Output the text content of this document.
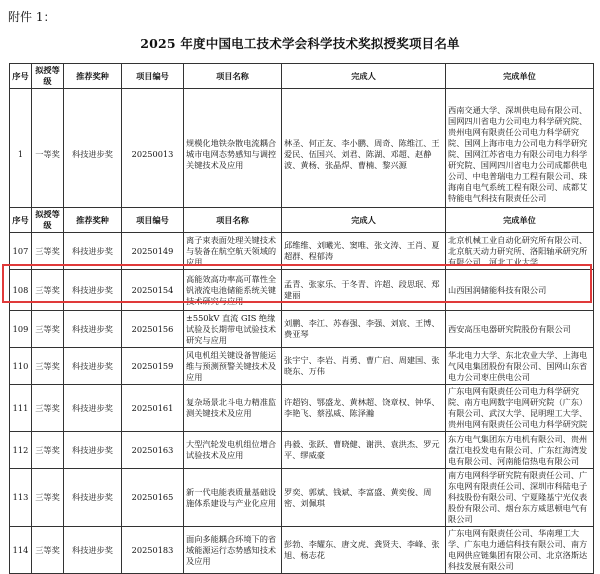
附件 1：
2025 年度中国电工技术学会科学技术奖拟授奖项目名单
序号	拟授等级	推荐奖种	项目编号	项目名称	完成人	完成单位
1	一等奖	科技进步奖	20250013	规模化地铁杂散电流耦合城市电网态势感知与调控关键技术及应用	林圣、何正友、李小鹏、周奇、陈维江、王爱民、伍国兴、刘君、陈湖、邓超、赵静波、黄杨、张晶焊、曹楠、黎兴源	西南交通大学、深圳供电局有限公司、国网四川省电力公司电力科学研究院、贵州电网有限责任公司电力科学研究院、国网上海市电力公司电力科学研究院、国网江苏省电力有限公司电力科学研究院、国网四川省电力公司成都供电公司、中电普瑞电力工程有限公司、珠海南自电气系统工程有限公司、成都艾特能电气科技有限责任公司
序号	拟授等级	推荐奖种	项目编号	项目名称	完成人	完成单位
107	三等奖	科技进步奖	20250149	离子束表面处理关键技术与装备在航空航天领域的应用	邱维维、刘曦光、窦唯、张文涛、王肖、夏超群、程郁涛	北京机械工业自动化研究所有限公司、北京航天动力研究所、洛阳轴承研究所有限公司、河北工业大学
108	三等奖	科技进步奖	20250154	高能效高功率高可靠性全钒液流电池储能系统关键技术研究与应用	孟青、张家乐、于冬青、许超、段思珉、郑建丽	山西国润储能科技有限公司
109	三等奖	科技进步奖	20250156	±550kV 直流 GIS 绝缘试验及长期带电试验技术研究与应用	刘鹏、李江、苏春强、李强、刘宸、王博、费亚琴	西安高压电器研究院股份有限公司
110	三等奖	科技进步奖	20250159	风电机组关键设备智能运维与预测预警关键技术及应用	张宇宁、李岩、肖勇、曹广启、周建国、张晓东、万伟	华北电力大学、东北农业大学、上海电气风电集团股份有限公司、国网山东省电力公司枣庄供电公司
111	三等奖	科技进步奖	20250161	复杂场景北斗电力精准监测关键技术及应用	许超钧、鄂盛龙、黄林超、饶章权、钟华、李艳飞、蔡泓威、陈泽瀚	广东电网有限责任公司电力科学研究院、南方电网数字电网研究院（广东）有限公司、武汉大学、昆明理工大学、贵州电网有限责任公司电力科学研究院
112	三等奖	科技进步奖	20250163	大型汽轮发电机组位增合试验技术及应用	冉毅、张跃、曹晓健、谢洪、袁洪杰、罗元平、缪威豪	东方电气集团东方电机有限公司、贵州盘江电投发电有限公司、广东红海湾发电有限公司、河南能信热电有限公司
113	三等奖	科技进步奖	20250165	新一代电能表质量基础设施体系建设与产业化应用	罗奕、郭斌、钱斌、李富盛、黄奕俊、周密、刘佩琪	南方电网科学研究院有限责任公司、广东电网有限责任公司、深圳市科陆电子科技股份有限公司、宁夏隆基宁光仪表股份有限公司、烟台东方威思顿电气有限公司
114	三等奖	科技进步奖	20250183	面向多能耦合环境下的省域能源运行态势感知技术及应用	彭勃、李耀东、唐文虎、龚贤夫、李峰、张旭、杨志花	广东电网有限责任公司、华南理工大学、广东电力通信科技有限公司、南方电网供应链集团有限公司、北京洛斯达科技发展有限公司
